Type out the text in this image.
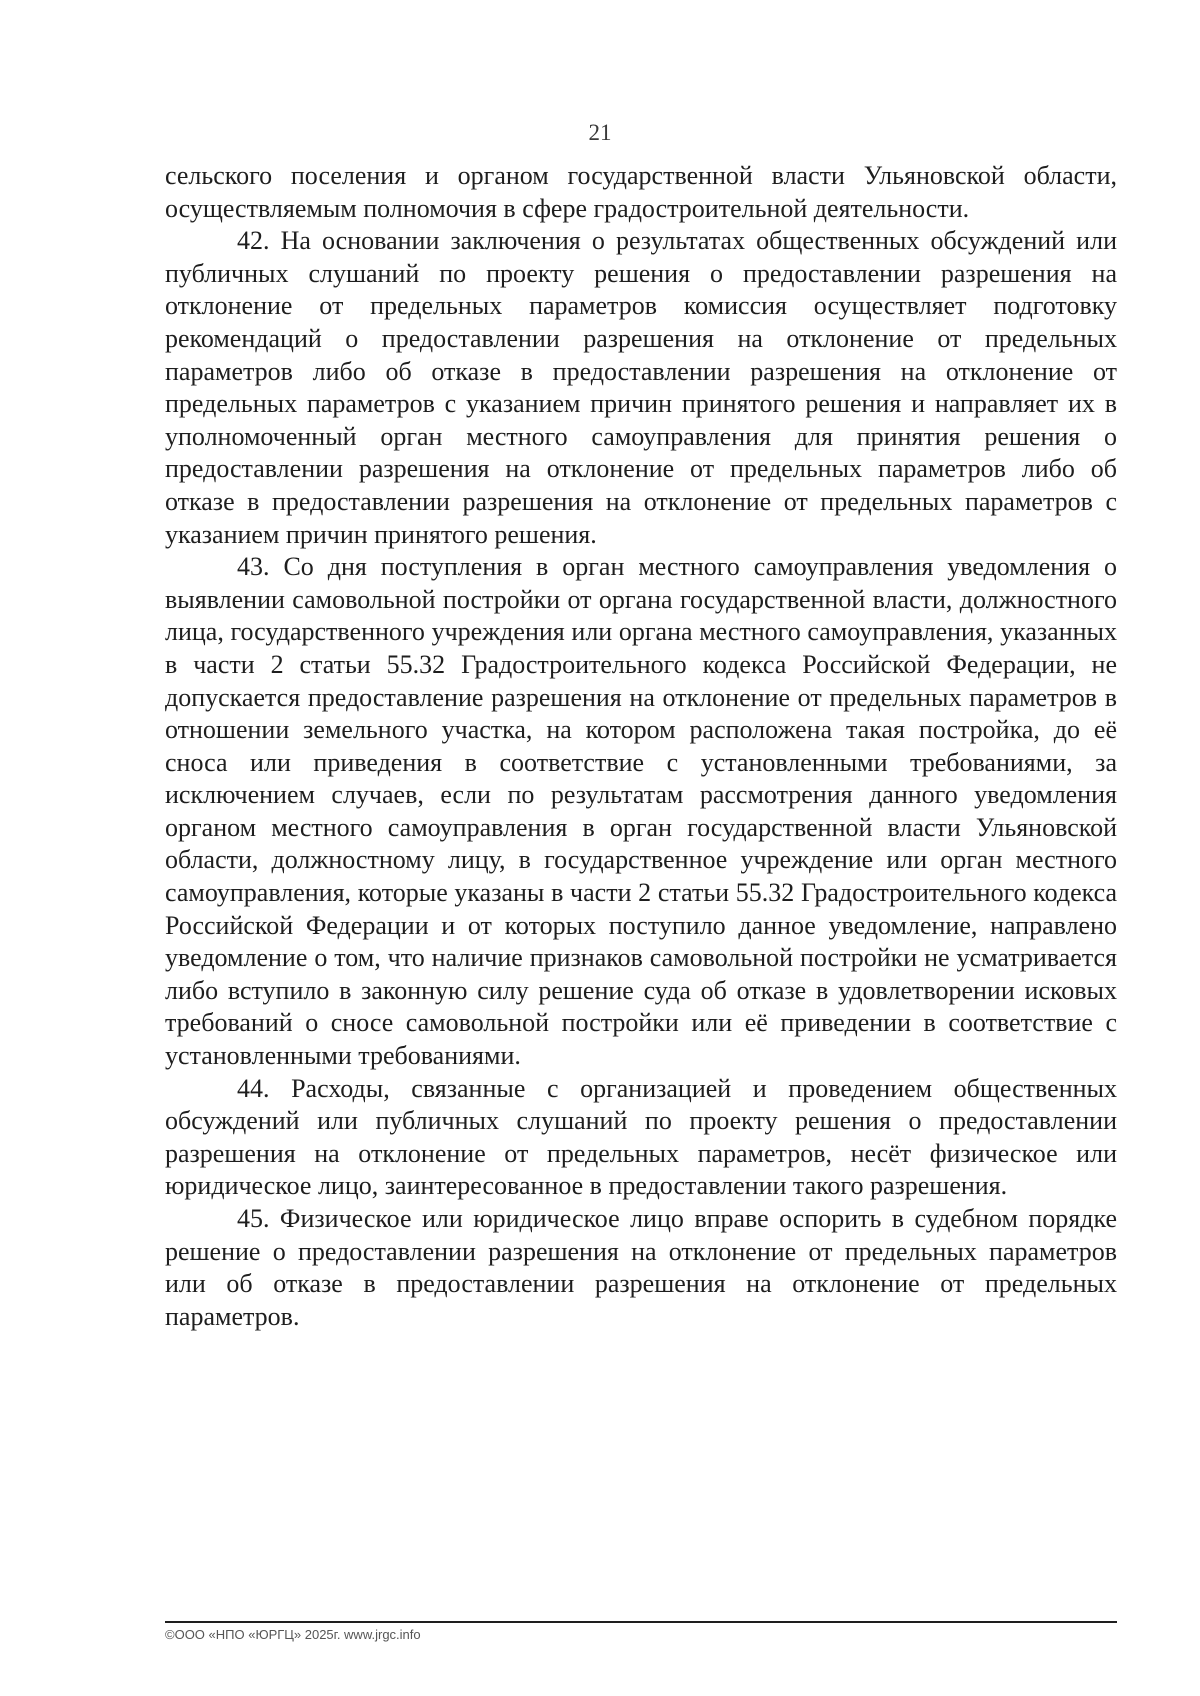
21

сельского поселения и органом государственной власти Ульяновской области, осуществляемым полномочия в сфере градостроительной деятельности.

42. На основании заключения о результатах общественных обсуждений или публичных слушаний по проекту решения о предоставлении разрешения на отклонение от предельных параметров комиссия осуществляет подготовку рекомендаций о предоставлении разрешения на отклонение от предельных параметров либо об отказе в предоставлении разрешения на отклонение от предельных параметров с указанием причин принятого решения и направляет их в уполномоченный орган местного самоуправления для принятия решения о предоставлении разрешения на отклонение от предельных параметров либо об отказе в предоставлении разрешения на отклонение от предельных параметров с указанием причин принятого решения.

43. Со дня поступления в орган местного самоуправления уведомления о выявлении самовольной постройки от органа государственной власти, должностного лица, государственного учреждения или органа местного самоуправления, указанных в части 2 статьи 55.32 Градостроительного кодекса Российской Федерации, не допускается предоставление разрешения на отклонение от предельных параметров в отношении земельного участка, на котором расположена такая постройка, до её сноса или приведения в соответствие с установленными требованиями, за исключением случаев, если по результатам рассмотрения данного уведомления органом местного самоуправления в орган государственной власти Ульяновской области, должностному лицу, в государственное учреждение или орган местного самоуправления, которые указаны в части 2 статьи 55.32 Градостроительного кодекса Российской Федерации и от которых поступило данное уведомление, направлено уведомление о том, что наличие признаков самовольной постройки не усматривается либо вступило в законную силу решение суда об отказе в удовлетворении исковых требований о сносе самовольной постройки или её приведении в соответствие с установленными требованиями.

44. Расходы, связанные с организацией и проведением общественных обсуждений или публичных слушаний по проекту решения о предоставлении разрешения на отклонение от предельных параметров, несёт физическое или юридическое лицо, заинтересованное в предоставлении такого разрешения.

45. Физическое или юридическое лицо вправе оспорить в судебном порядке решение о предоставлении разрешения на отклонение от предельных параметров или об отказе в предоставлении разрешения на отклонение от предельных параметров.

©ООО «НПО «ЮРГЦ» 2025г. www.jrgc.info
